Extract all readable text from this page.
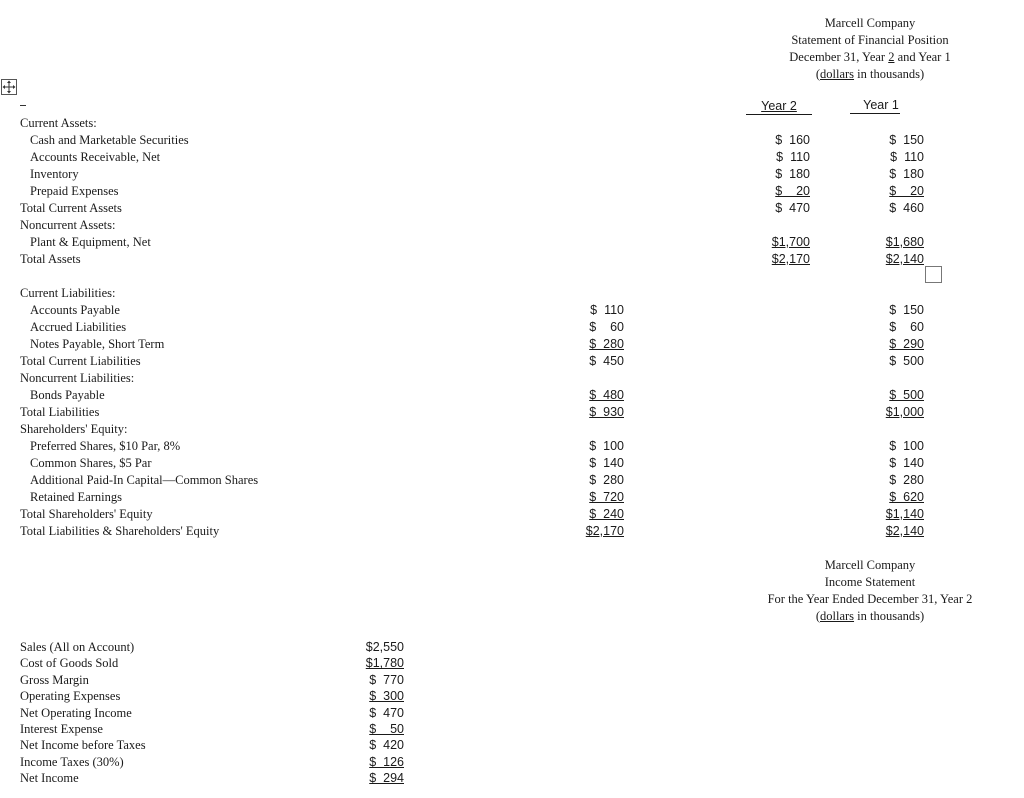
Marcell Company
Statement of Financial Position
December 31, Year 2 and Year 1
(dollars in thousands)
Year 2	Year 1
Current Assets:
Cash and Marketable Securities	$  160	$  150
Accounts Receivable, Net	$  110	$  110
Inventory	$  180	$  180
Prepaid Expenses	$    20	$    20
Total Current Assets	$  470	$  460
Noncurrent Assets:
Plant & Equipment, Net	$1,700	$1,680
Total Assets	$2,170	$2,140
Current Liabilities:
Accounts Payable	$  110	$  150
Accrued Liabilities	$    60	$    60
Notes Payable, Short Term	$  280	$  290
Total Current Liabilities	$  450	$  500
Noncurrent Liabilities:
Bonds Payable	$  480	$  500
Total Liabilities	$  930	$1,000
Shareholders' Equity:
Preferred Shares, $10 Par, 8%	$  100	$  100
Common Shares, $5 Par	$  140	$  140
Additional Paid-In Capital—Common Shares	$  280	$  280
Retained Earnings	$  720	$  620
Total Shareholders' Equity	$  240	$1,140
Total Liabilities & Shareholders' Equity	$2,170	$2,140
Marcell Company
Income Statement
For the Year Ended December 31, Year 2
(dollars in thousands)
Sales (All on Account)	$2,550
Cost of Goods Sold	$1,780
Gross Margin	$  770
Operating Expenses	$  300
Net Operating Income	$  470
Interest Expense	$    50
Net Income before Taxes	$  420
Income Taxes (30%)	$  126
Net Income	$  294
